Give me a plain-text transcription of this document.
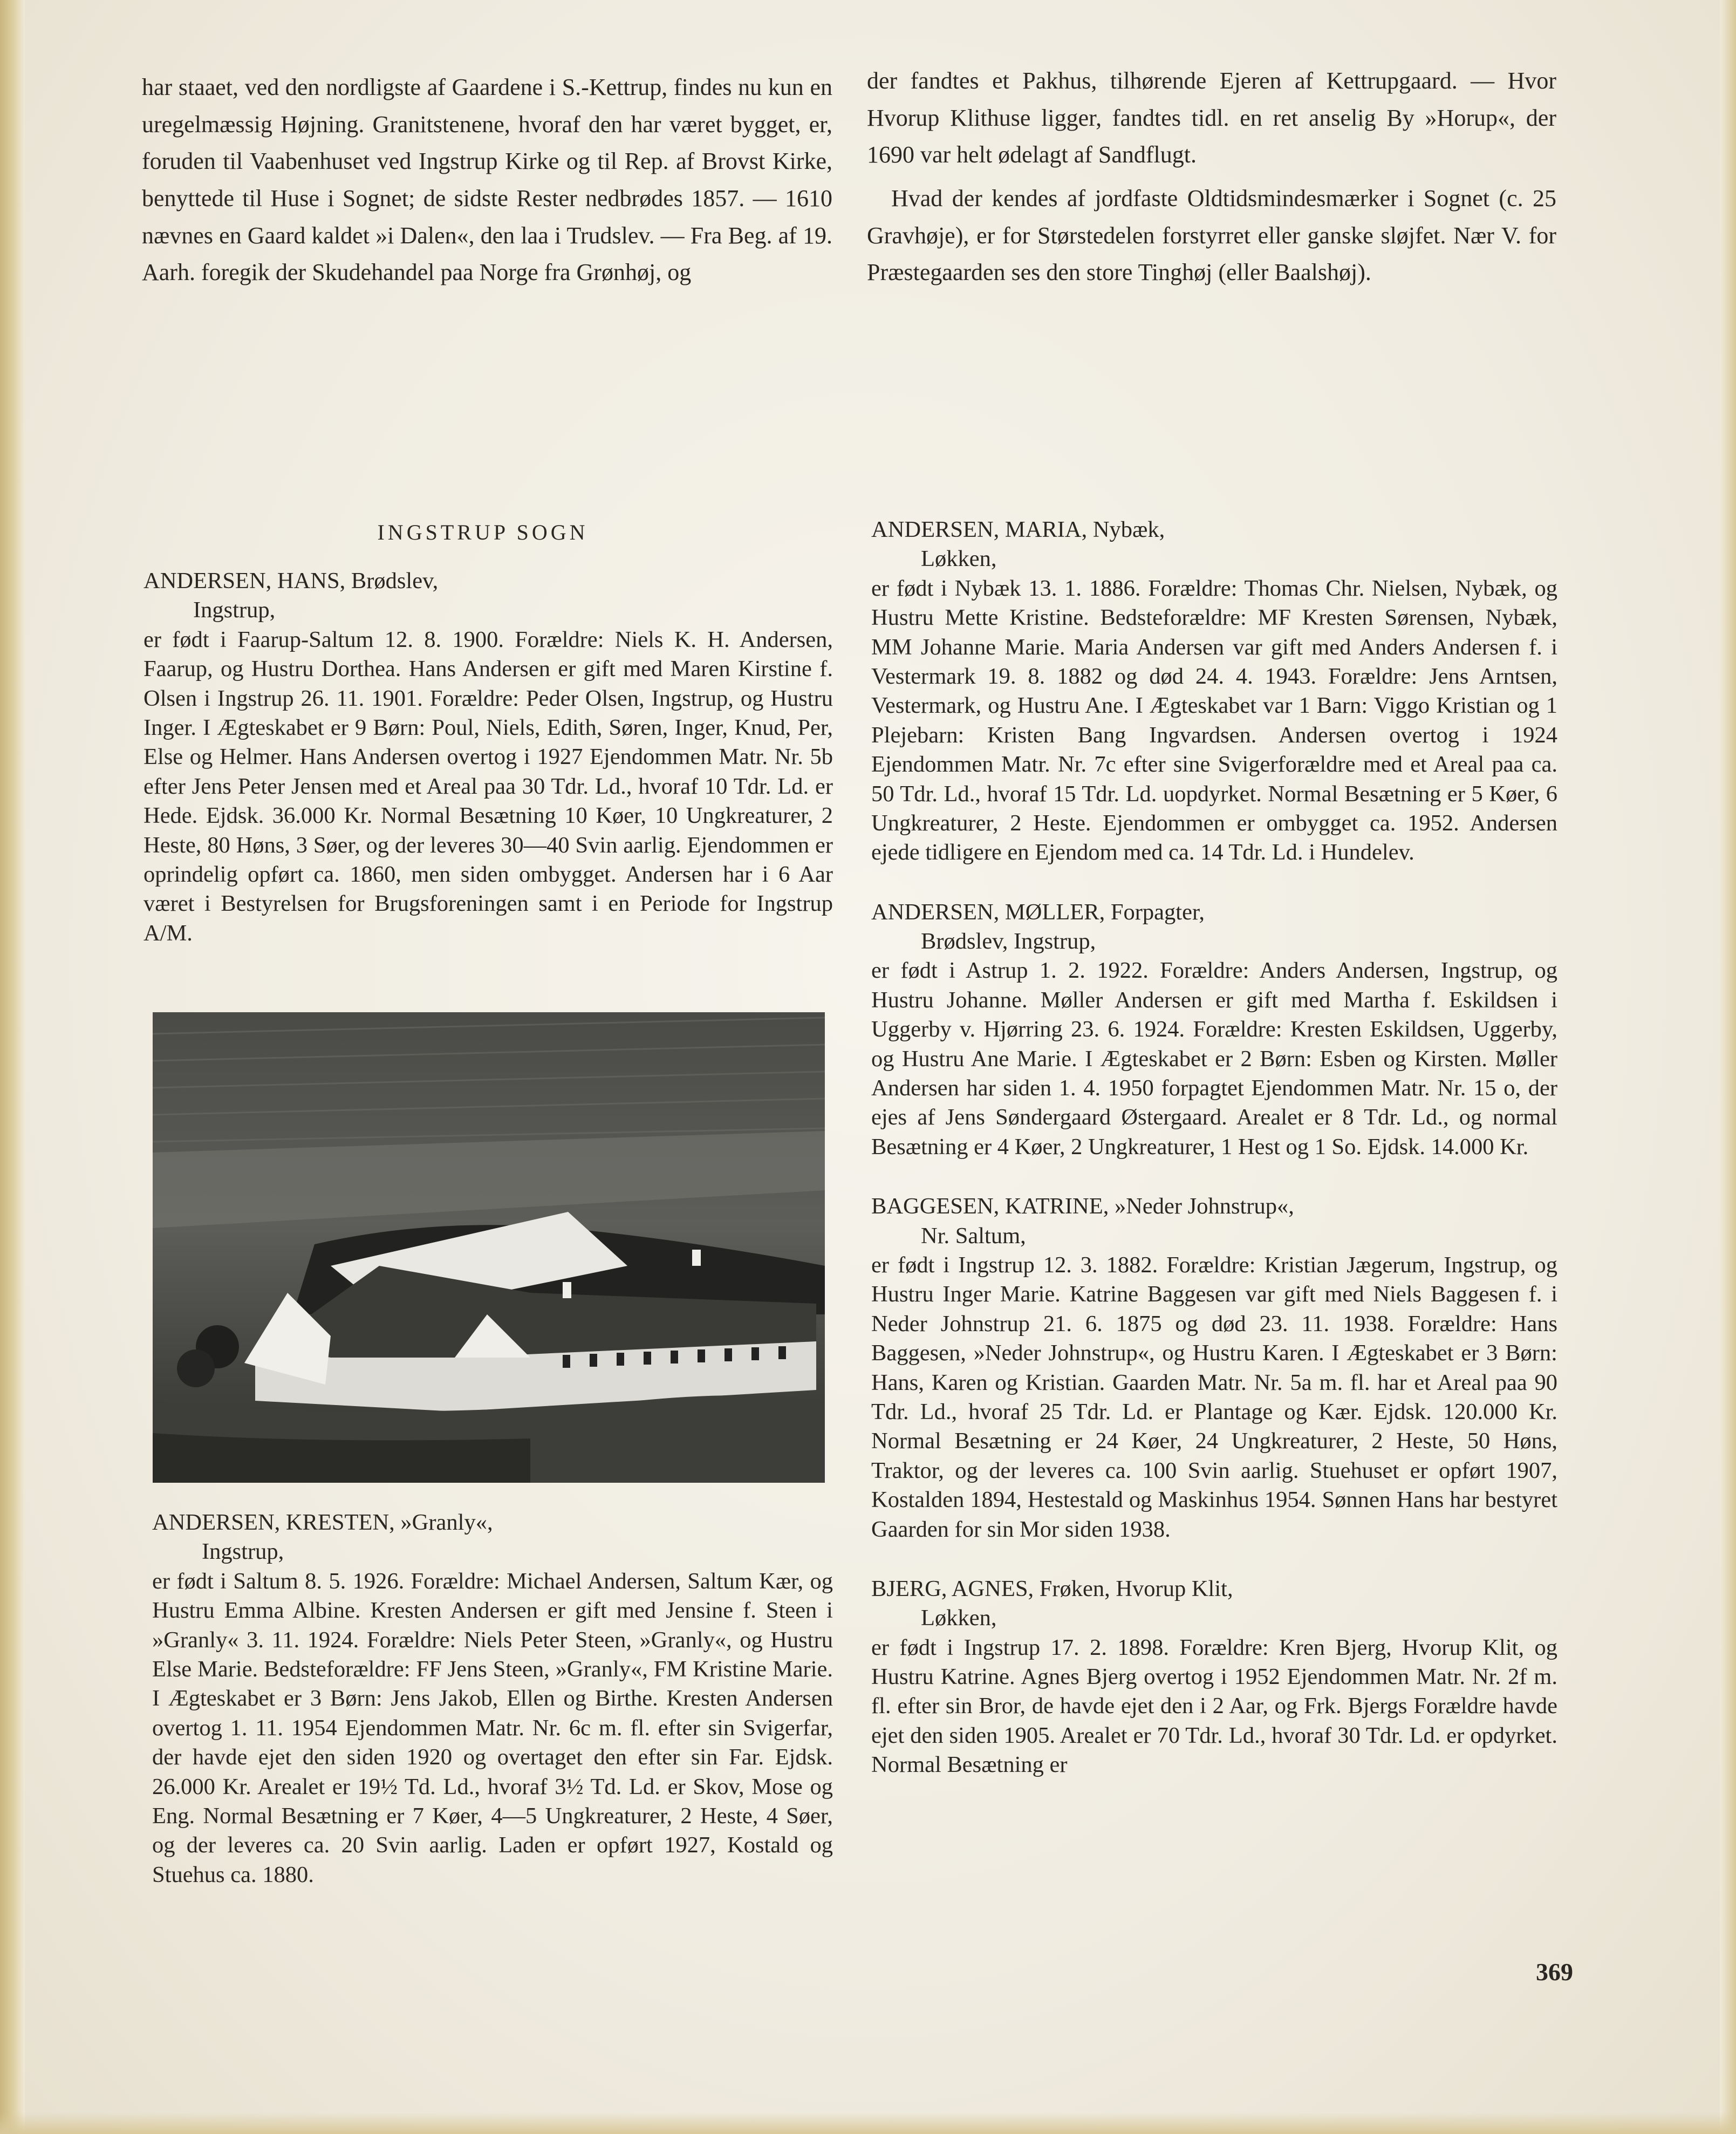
har staaet, ved den nordligste af Gaardene i S.-Kettrup, findes nu kun en uregelmæssig Højning. Granitstenene, hvoraf den har været bygget, er, foruden til Vaabenhuset ved Ingstrup Kirke og til Rep. af Brovst Kirke, benyttede til Huse i Sognet; de sidste Rester nedbrødes 1857. — 1610 nævnes en Gaard kaldet »i Dalen«, den laa i Trudslev. — Fra Beg. af 19. Aarh. foregik der Skudehandel paa Norge fra Grønhøj, og

der fandtes et Pakhus, tilhørende Ejeren af Kettrupgaard. — Hvor Hvorup Klithuse ligger, fandtes tidl. en ret anselig By »Horup«, der 1690 var helt ødelagt af Sandflugt.

Hvad der kendes af jordfaste Oldtidsmindesmærker i Sognet (c. 25 Gravhøje), er for Størstedelen forstyrret eller ganske sløjfet. Nær V. for Præstegaarden ses den store Tinghøj (eller Baalshøj).

INGSTRUP SOGN
ANDERSEN, HANS, Brødslev,
Ingstrup,
er født i Faarup-Saltum 12. 8. 1900. Forældre: Niels K. H. Andersen, Faarup, og Hustru Dorthea. Hans Andersen er gift med Maren Kirstine f. Olsen i Ingstrup 26. 11. 1901. Forældre: Peder Olsen, Ingstrup, og Hustru Inger. I Ægteskabet er 9 Børn: Poul, Niels, Edith, Søren, Inger, Knud, Per, Else og Helmer. Hans Andersen overtog i 1927 Ejendommen Matr. Nr. 5b efter Jens Peter Jensen med et Areal paa 30 Tdr. Ld., hvoraf 10 Tdr. Ld. er Hede. Ejdsk. 36.000 Kr. Normal Besætning 10 Køer, 10 Ungkreaturer, 2 Heste, 80 Høns, 3 Søer, og der leveres 30—40 Svin aarlig. Ejendommen er oprindelig opført ca. 1860, men siden ombygget. Andersen har i 6 Aar været i Bestyrelsen for Brugsforeningen samt i en Periode for Ingstrup A/M.
ANDERSEN, KRESTEN, »Granly«,
Ingstrup,
er født i Saltum 8. 5. 1926. Forældre: Michael Andersen, Saltum Kær, og Hustru Emma Albine. Kresten Andersen er gift med Jensine f. Steen i »Granly« 3. 11. 1924. Forældre: Niels Peter Steen, »Granly«, og Hustru Else Marie. Bedsteforældre: FF Jens Steen, »Granly«, FM Kristine Marie. I Ægteskabet er 3 Børn: Jens Jakob, Ellen og Birthe. Kresten Andersen overtog 1. 11. 1954 Ejendommen Matr. Nr. 6c m. fl. efter sin Svigerfar, der havde ejet den siden 1920 og overtaget den efter sin Far. Ejdsk. 26.000 Kr. Arealet er 19½ Td. Ld., hvoraf 3½ Td. Ld. er Skov, Mose og Eng. Normal Besætning er 7 Køer, 4—5 Ungkreaturer, 2 Heste, 4 Søer, og der leveres ca. 20 Svin aarlig. Laden er opført 1927, Kostald og Stuehus ca. 1880.
ANDERSEN, MARIA, Nybæk,
Løkken,
er født i Nybæk 13. 1. 1886. Forældre: Thomas Chr. Nielsen, Nybæk, og Hustru Mette Kristine. Bedsteforældre: MF Kresten Sørensen, Nybæk, MM Johanne Marie. Maria Andersen var gift med Anders Andersen f. i Vestermark 19. 8. 1882 og død 24. 4. 1943. Forældre: Jens Arntsen, Vestermark, og Hustru Ane. I Ægteskabet var 1 Barn: Viggo Kristian og 1 Plejebarn: Kristen Bang Ingvardsen. Andersen overtog i 1924 Ejendommen Matr. Nr. 7c efter sine Svigerforældre med et Areal paa ca. 50 Tdr. Ld., hvoraf 15 Tdr. Ld. uopdyrket. Normal Besætning er 5 Køer, 6 Ungkreaturer, 2 Heste. Ejendommen er ombygget ca. 1952. Andersen ejede tidligere en Ejendom med ca. 14 Tdr. Ld. i Hundelev.
ANDERSEN, MØLLER, Forpagter,
Brødslev, Ingstrup,
er født i Astrup 1. 2. 1922. Forældre: Anders Andersen, Ingstrup, og Hustru Johanne. Møller Andersen er gift med Martha f. Eskildsen i Uggerby v. Hjørring 23. 6. 1924. Forældre: Kresten Eskildsen, Uggerby, og Hustru Ane Marie. I Ægteskabet er 2 Børn: Esben og Kirsten. Møller Andersen har siden 1. 4. 1950 forpagtet Ejendommen Matr. Nr. 15 o, der ejes af Jens Søndergaard Østergaard. Arealet er 8 Tdr. Ld., og normal Besætning er 4 Køer, 2 Ungkreaturer, 1 Hest og 1 So. Ejdsk. 14.000 Kr.
BAGGESEN, KATRINE, »Neder Johnstrup«,
Nr. Saltum,
er født i Ingstrup 12. 3. 1882. Forældre: Kristian Jægerum, Ingstrup, og Hustru Inger Marie. Katrine Baggesen var gift med Niels Baggesen f. i Neder Johnstrup 21. 6. 1875 og død 23. 11. 1938. Forældre: Hans Baggesen, »Neder Johnstrup«, og Hustru Karen. I Ægteskabet er 3 Børn: Hans, Karen og Kristian. Gaarden Matr. Nr. 5a m. fl. har et Areal paa 90 Tdr. Ld., hvoraf 25 Tdr. Ld. er Plantage og Kær. Ejdsk. 120.000 Kr. Normal Besætning er 24 Køer, 24 Ungkreaturer, 2 Heste, 50 Høns, Traktor, og der leveres ca. 100 Svin aarlig. Stuehuset er opført 1907, Kostalden 1894, Hestestald og Maskinhus 1954. Sønnen Hans har bestyret Gaarden for sin Mor siden 1938.
BJERG, AGNES, Frøken, Hvorup Klit,
Løkken,
er født i Ingstrup 17. 2. 1898. Forældre: Kren Bjerg, Hvorup Klit, og Hustru Katrine. Agnes Bjerg overtog i 1952 Ejendommen Matr. Nr. 2f m. fl. efter sin Bror, de havde ejet den i 2 Aar, og Frk. Bjergs Forældre havde ejet den siden 1905. Arealet er 70 Tdr. Ld., hvoraf 30 Tdr. Ld. er opdyrket. Normal Besætning er
369
